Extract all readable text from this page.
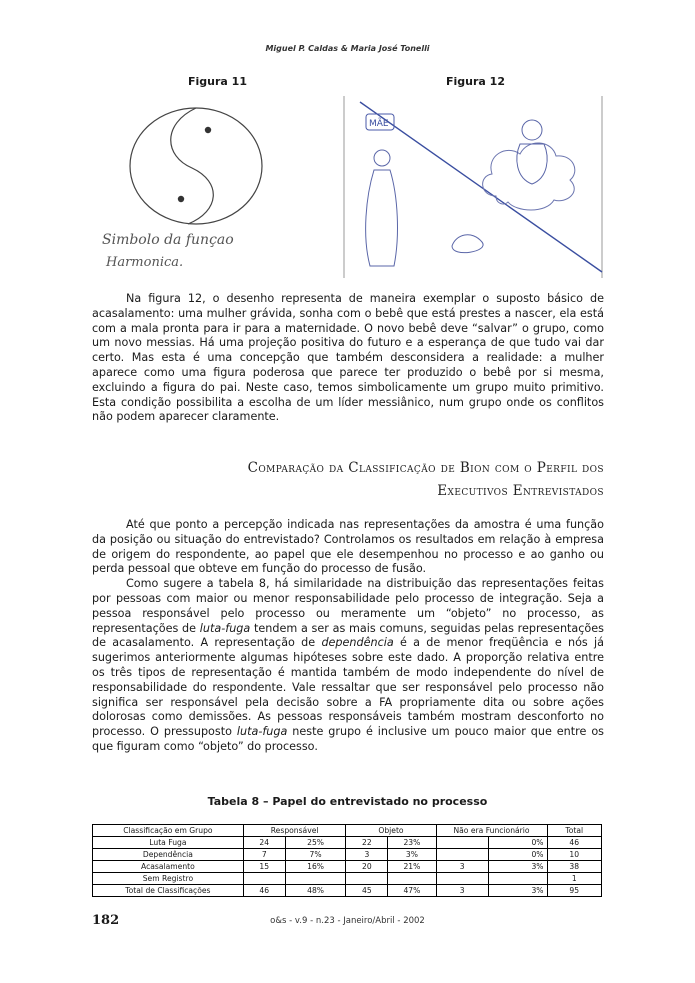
Miguel P. Caldas & Maria José Tonelli
Figura 11	Figura 12
Simbolo da funçao
Harmonica.
MÃE

Na figura 12, o desenho representa de maneira exemplar o suposto básico de acasalamento: uma mulher grávida, sonha com o bebê que está prestes a nascer, ela está com a mala pronta para ir para a maternidade. O novo bebê deve “salvar” o grupo, como um novo messias. Há uma projeção positiva do futuro e a esperança de que tudo vai dar certo. Mas esta é uma concepção que também desconsidera a realidade: a mulher aparece como uma figura poderosa que parece ter produzido o bebê por si mesma, excluindo a figura do pai. Neste caso, temos simbolicamente um grupo muito primitivo. Esta condição possibilita a escolha de um líder messiânico, num grupo onde os conflitos não podem aparecer claramente.

Comparação da Classificação de Bion com o Perfil dos
Executivos Entrevistados

Até que ponto a percepção indicada nas representações da amostra é uma função da posição ou situação do entrevistado? Controlamos os resultados em relação à empresa de origem do respondente, ao papel que ele desempenhou no processo e ao ganho ou perda pessoal que obteve em função do processo de fusão.

Como sugere a tabela 8, há similaridade na distribuição das representações feitas por pessoas com maior ou menor responsabilidade pelo processo de integração. Seja a pessoa responsável pelo processo ou meramente um “objeto” no processo, as representações de luta-fuga tendem a ser as mais comuns, seguidas pelas representações de acasalamento. A representação de dependência é a de menor freqüência e nós já sugerimos anteriormente algumas hipóteses sobre este dado. A proporção relativa entre os três tipos de representação é mantida também de modo independente do nível de responsabilidade do respondente. Vale ressaltar que ser responsável pelo processo não significa ser responsável pela decisão sobre a FA propriamente dita ou sobre ações dolorosas como demissões. As pessoas responsáveis também mostram desconforto no processo. O pressuposto luta-fuga neste grupo é inclusive um pouco maior que entre os que figuram como “objeto” do processo.

Tabela 8 – Papel do entrevistado no processo
Classificação em Grupo	Responsável		Objeto		Não era Funcionário		Total
Luta Fuga	24	25%	22	23%		0%	46
Dependência	7	7%	3	3%		0%	10
Acasalamento	15	16%	20	21%	3	3%	38
Sem Registro							1
Total de Classificações	46	48%	45	47%	3	3%	95
182	o&s - v.9 - n.23 - Janeiro/Abril - 2002
